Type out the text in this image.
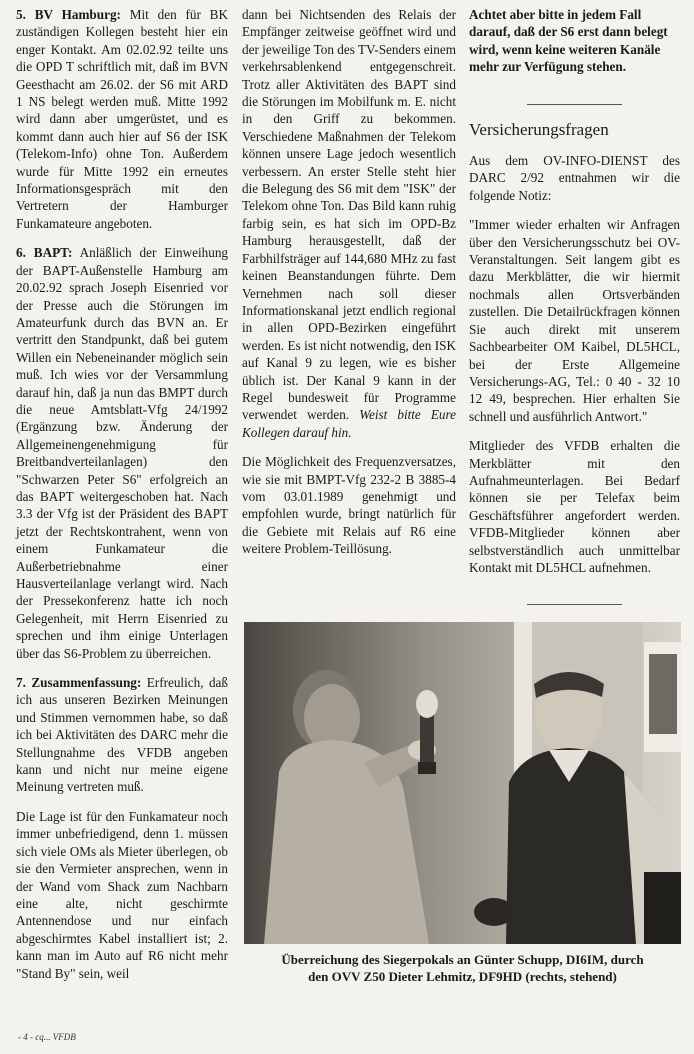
5. BV Hamburg: Mit den für BK zuständigen Kollegen besteht hier ein enger Kontakt. Am 02.02.92 teilte uns die OPD T schriftlich mit, daß im BVN Geesthacht am 26.02. der S6 mit ARD 1 NS belegt werden muß. Mitte 1992 wird dann aber umgerüstet, und es kommt dann auch hier auf S6 der ISK (Telekom-Info) ohne Ton. Außerdem wurde für Mitte 1992 ein erneutes Informationsgespräch mit den Vertretern der Hamburger Funkamateure angeboten.

6. BAPT: Anläßlich der Einweihung der BAPT-Außenstelle Hamburg am 20.02.92 sprach Joseph Eisenried vor der Presse auch die Störungen im Amateurfunk durch das BVN an. Er vertritt den Standpunkt, daß bei gutem Willen ein Nebeneinander möglich sein muß. Ich wies vor der Versammlung darauf hin, daß ja nun das BMPT durch die neue Amtsblatt-Vfg 24/1992 (Ergänzung bzw. Änderung der Allgemeinengenehmigung für Breitbandverteilanlagen) den "Schwarzen Peter S6" erfolgreich an das BAPT weitergeschoben hat. Nach 3.3 der Vfg ist der Präsident des BAPT jetzt der Rechtskontrahent, wenn von einem Funkamateur die Außerbetriebnahme einer Hausverteilanlage verlangt wird. Nach der Pressekonferenz hatte ich noch Gelegenheit, mit Herrn Eisenried zu sprechen und ihm einige Unterlagen über das S6-Problem zu überreichen.

7. Zusammenfassung: Erfreulich, daß ich aus unseren Bezirken Meinungen und Stimmen vernommen habe, so daß ich bei Aktivitäten des DARC mehr die Stellungnahme des VFDB angeben kann und nicht nur meine eigene Meinung vertreten muß.

Die Lage ist für den Funkamateur noch immer unbefriedigend, denn 1. müssen sich viele OMs als Mieter überlegen, ob sie den Vermieter ansprechen, wenn in der Wand vom Shack zum Nachbarn eine alte, nicht geschirmte Antennendose und nur einfach abgeschirmtes Kabel installiert ist; 2. kann man im Auto auf R6 nicht mehr "Stand By" sein, weil

dann bei Nichtsenden des Relais der Empfänger zeitweise geöffnet wird und der jeweilige Ton des TV-Senders einem verkehrsablenkend entgegenschreit. Trotz aller Aktivitäten des BAPT sind die Störungen im Mobilfunk m. E. nicht in den Griff zu bekommen. Verschiedene Maßnahmen der Telekom können unsere Lage jedoch wesentlich verbessern. An erster Stelle steht hier die Belegung des S6 mit dem "ISK" der Telekom ohne Ton. Das Bild kann ruhig farbig sein, es hat sich im OPD-Bz Hamburg herausgestellt, daß der Farbhilfsträger auf 144,680 MHz zu fast keinen Beanstandungen führte. Dem Vernehmen nach soll dieser Informationskanal jetzt endlich regional in allen OPD-Bezirken eingeführt werden. Es ist nicht notwendig, den ISK auf Kanal 9 zu legen, wie es bisher üblich ist. Der Kanal 9 kann in der Regel bundesweit für Programme verwendet werden. Weist bitte Eure Kollegen darauf hin.

Die Möglichkeit des Frequenzversatzes, wie sie mit BMPT-Vfg 232-2 B 3885-4 vom 03.01.1989 genehmigt und empfohlen wurde, bringt natürlich für die Gebiete mit Relais auf R6 eine weitere Problem-Teillösung.

Achtet aber bitte in jedem Fall darauf, daß der S6 erst dann belegt wird, wenn keine weiteren Kanäle mehr zur Verfügung stehen.

Versicherungsfragen

Aus dem OV-INFO-DIENST des DARC 2/92 entnahmen wir die folgende Notiz:

"Immer wieder erhalten wir Anfragen über den Versicherungsschutz bei OV-Veranstaltungen. Seit langem gibt es dazu Merkblätter, die wir hiermit nochmals allen Ortsverbänden zustellen. Die Detailrückfragen können Sie auch direkt mit unserem Sachbearbeiter OM Kaibel, DL5HCL, bei der Erste Allgemeine Versicherungs-AG, Tel.: 0 40 - 32 10 12 49, besprechen. Hier erhalten Sie schnell und ausführlich Antwort."

Mitglieder des VFDB erhalten die Merkblätter mit den Aufnahmeunterlagen. Bei Bedarf können sie per Telefax beim Geschäftsführer angefordert werden. VFDB-Mitglieder können aber selbstverständlich auch unmittelbar Kontakt mit DL5HCL aufnehmen.

Überreichung des Siegerpokals an Günter Schupp, DI6IM, durch
den OVV Z50 Dieter Lehmitz, DF9HD (rechts, stehend)
- 4 - cq... VFDB
